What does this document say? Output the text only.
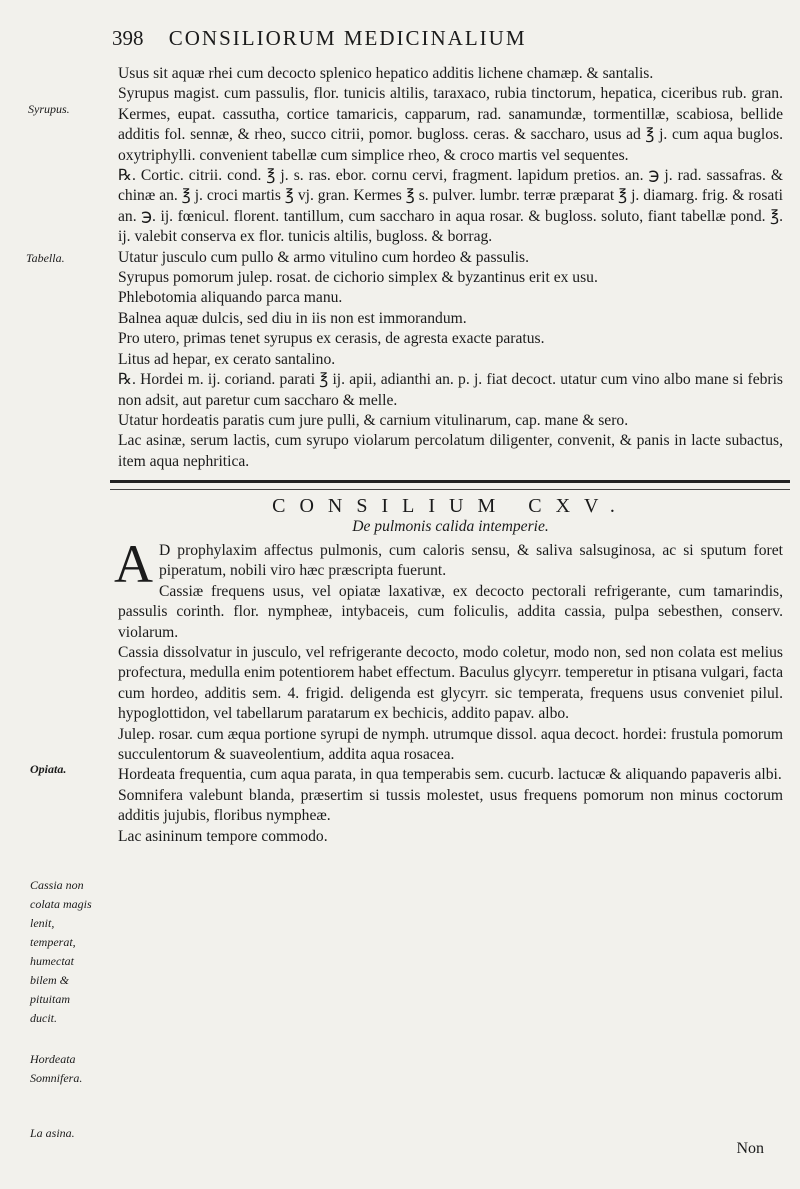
398 CONSILIORUM MEDICINALIUM
Syrupus.
Tabella.
Opiata.
Cassia non colata magis lenit, temperat, humectat bilem & pituitam ducit.
Hordeata Somnifera.
La asina.

Usus sit aquæ rhei cum decocto splenico hepatico additis lichene chamæp. & santalis.

Syrupus magist. cum passulis, flor. tunicis altilis, taraxaco, rubia tinctorum, hepatica, ciceribus rub. gran. Kermes, eupat. cassutha, cortice tamaricis, capparum, rad. sanamundæ, tormentillæ, scabiosa, bellide additis fol. sennæ, & rheo, succo citrii, pomor. bugloss. ceras. & saccharo, usus ad ℥ j. cum aqua buglos. oxytriphylli. convenient tabellæ cum simplice rheo, & croco martis vel sequentes.

℞. Cortic. citrii. cond. ℥ j. s. ras. ebor. cornu cervi, fragment. lapidum pretios. an. ℈ j. rad. sassafras. & chinæ an. ℥ j. croci martis ℥ vj. gran. Kermes ℥ s. pulver. lumbr. terræ præparat ℥ j. diamarg. frig. & rosati an. ℈. ij. fœnicul. florent. tantillum, cum saccharo in aqua rosar. & bugloss. soluto, fiant tabellæ pond. ℥. ij. valebit conserva ex flor. tunicis altilis, bugloss. & borrag.

Utatur jusculo cum pullo & armo vitulino cum hordeo & passulis.

Syrupus pomorum julep. rosat. de cichorio simplex & byzantinus erit ex usu.

Phlebotomia aliquando parca manu.

Balnea aquæ dulcis, sed diu in iis non est immorandum.

Pro utero, primas tenet syrupus ex cerasis, de agresta exacte paratus.

Litus ad hepar, ex cerato santalino.

℞. Hordei m. ij. coriand. parati ℥ ij. apii, adianthi an. p. j. fiat decoct. utatur cum vino albo mane si febris non adsit, aut paretur cum saccharo & melle.

Utatur hordeatis paratis cum jure pulli, & carnium vitulinarum, cap. mane & sero.

Lac asinæ, serum lactis, cum syrupo violarum percolatum diligenter, convenit, & panis in lacte subactus, item aqua nephritica.

CONSILIUM CXV.
De pulmonis calida intemperie.

A D prophylaxim affectus pulmonis, cum caloris sensu, & saliva salsuginosa, ac si sputum foret piperatum, nobili viro hæc præscripta fuerunt.

Cassiæ frequens usus, vel opiatæ laxativæ, ex decocto pectorali refrigerante, cum tamarindis, passulis corinth. flor. nympheæ, intybaceis, cum foliculis, addita cassia, pulpa sebesthen, conserv. violarum.

Cassia dissolvatur in jusculo, vel refrigerante decocto, modo coletur, modo non, sed non colata est melius profectura, medulla enim potentiorem habet effectum. Baculus glycyrr. temperetur in ptisana vulgari, facta cum hordeo, additis sem. 4. frigid. deligenda est glycyrr. sic temperata, frequens usus conveniet pilul. hypoglottidon, vel tabellarum paratarum ex bechicis, addito papav. albo.

Julep. rosar. cum æqua portione syrupi de nymph. utrumque dissol. aqua decoct. hordei: frustula pomorum succulentorum & suaveolentium, addita aqua rosacea.

Hordeata frequentia, cum aqua parata, in qua temperabis sem. cucurb. lactucæ & aliquando papaveris albi.

Somnifera valebunt blanda, præsertim si tussis molestet, usus frequens pomorum non minus coctorum additis jujubis, floribus nympheæ.

Lac asininum tempore commodo.

Non
